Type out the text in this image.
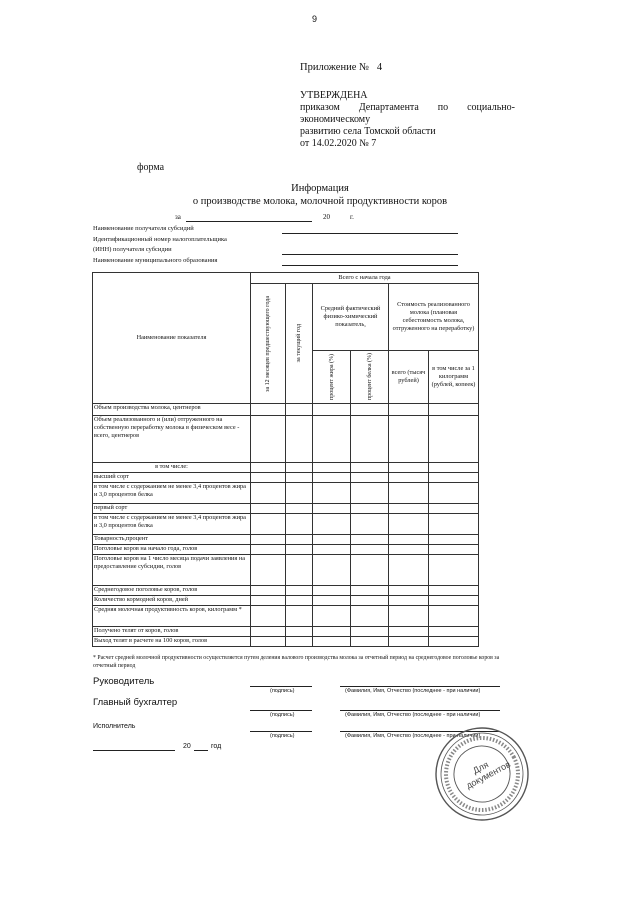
9
Приложение № 4
УТВЕРЖДЕНА
приказом Департамента по социально-экономическому
развитию села Томской области
от 14.02.2020 № 7
форма
Информация
о производстве молока, молочной продуктивности коров
за	20	г.
Наименование получателя субсидий
Идентификационный номер налогоплательщика
(ИНН) получателя субсидии
Наименование муниципального образования
Наименование показателя	Всего с начала года					

	за 12 месяцев предшествующего года	за текущий год	Средний фактический физико-химический показатель,		Стоимость реализованного молока (плановая себестоимость молока, отгруженного на переработку)	

			процент жира (%)	процент белка (%)	всего (тысяч рублей)	в том числе за 1 килограмм (рублей, копеек)
Объем производства молока, центнеров						
Объем реализованного и (или) отгруженного на собственную переработку молока в физическом весе - всего, центнеров						
в том числе:						
высший сорт						
в том числе с содержанием не менее 3,4 процентов жира и 3,0 процентов белка						
первый сорт						
в том числе с содержанием не менее 3,4 процентов жира и 3,0 процентов белка						
Товарность,процент						
Поголовье коров на начало года, голов						
Поголовье коров на 1 число месяца подачи заявления на предоставление субсидии, голов						
Среднегодовое поголовье коров, голов						
Количество кормодней коров, дней						
Средняя молочная продуктивность коров, килограмм *						
Получено телят от коров, голов						
Выход телят в расчете на 100 коров, голов						
* Расчет средней молочной продуктивности осуществляется путем деления валового производства молока за отчетный период на среднегодовое поголовье коров за отчетный период
Руководитель
(подпись)	(Фамилия, Имя, Отчество (последнее - при наличии)
Главный бухгалтер
(подпись)	(Фамилия, Имя, Отчество (последнее - при наличии)
Исполнитель
(подпись)	(Фамилия, Имя, Отчество (последнее - при наличии)
20	год
Для документов
